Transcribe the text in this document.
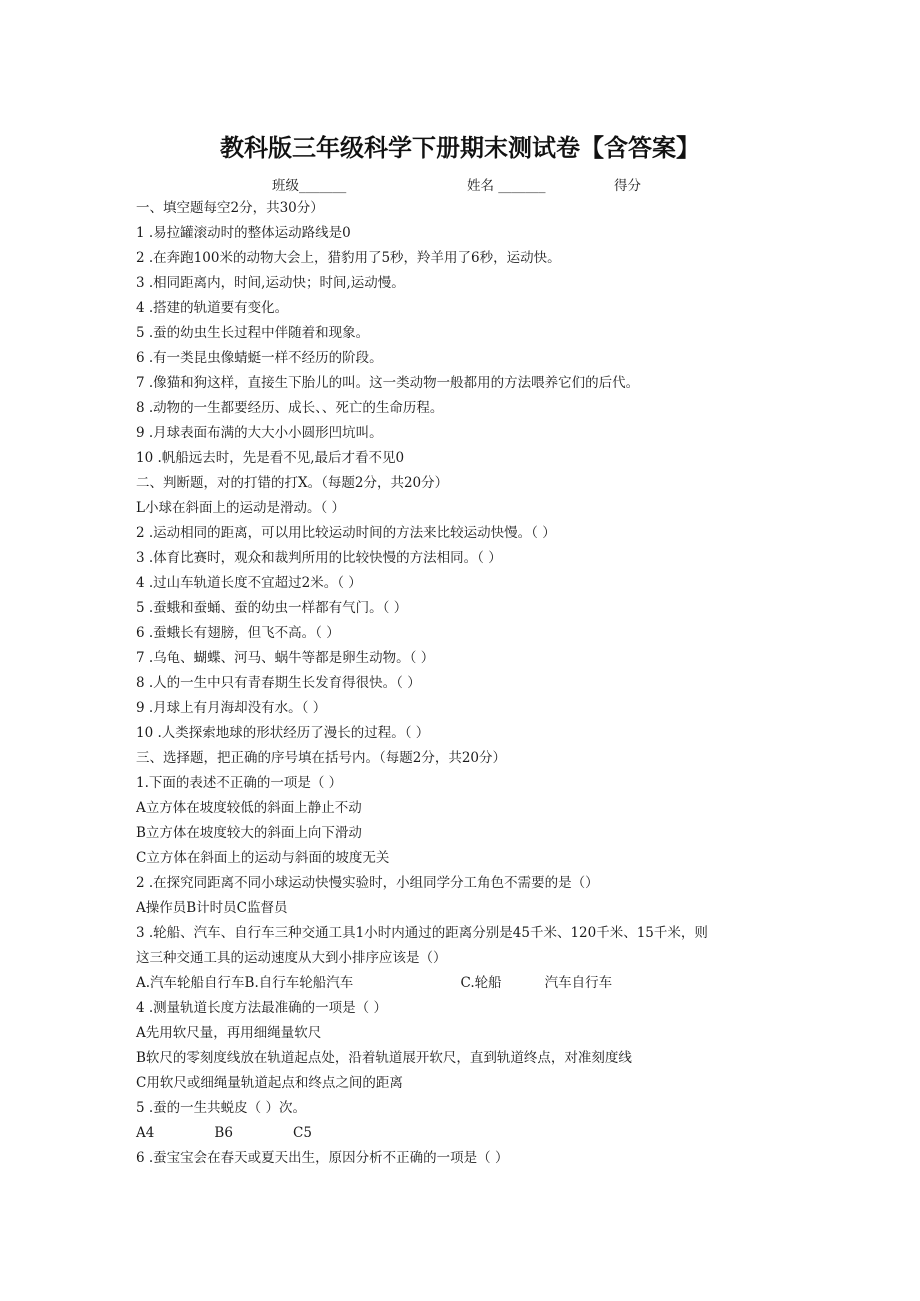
教科版三年级科学下册期末测试卷【含答案】
班级_______	姓名 _______	得分
一、填空题每空2分，共30分）
1 .易拉罐滚动时的整体运动路线是0
2 .在奔跑100米的动物大会上，猎豹用了5秒，羚羊用了6秒，运动快。
3 .相同距离内，时间,运动快；时间,运动慢。
4 .搭建的轨道要有变化。
5 .蚕的幼虫生长过程中伴随着和现象。
6 .有一类昆虫像蜻蜓一样不经历的阶段。
7 .像猫和狗这样，直接生下胎儿的叫。这一类动物一般都用的方法喂养它们的后代。
8 .动物的一生都要经历、成长、、死亡的生命历程。
9 .月球表面布满的大大小小圆形凹坑叫。
10 .帆船远去时，先是看不见,最后才看不见0
二、判断题，对的打错的打X。（每题2分，共20分）
L小球在斜面上的运动是滑动。（ ）
2 .运动相同的距离，可以用比较运动时间的方法来比较运动快慢。（ ）
3 .体育比赛时，观众和裁判所用的比较快慢的方法相同。（ ）
4 .过山车轨道长度不宜超过2米。（ ）
5 .蚕蛾和蚕蛹、蚕的幼虫一样都有气门。（ ）
6 .蚕蛾长有翅膀，但飞不高。（ ）
7 .乌龟、蝴蝶、河马、蜗牛等都是卵生动物。（ ）
8 .人的一生中只有青春期生长发育得很快。（ ）
9 .月球上有月海却没有水。（ ）
10 .人类探索地球的形状经历了漫长的过程。（ ）
三、选择题，把正确的序号填在括号内。（每题2分，共20分）
1.下面的表述不正确的一项是（ ）
A立方体在坡度较低的斜面上静止不动
B立方体在坡度较大的斜面上向下滑动
C立方体在斜面上的运动与斜面的坡度无关
2 .在探究同距离不同小球运动快慢实验时，小组同学分工角色不需要的是（）
A操作员B计时员C监督员
3 .轮船、汽车、自行车三种交通工具1小时内通过的距离分别是45千米、120千米、15千米，则
这三种交通工具的运动速度从大到小排序应该是（）
A.汽车轮船自行车B.自行车轮船汽车                         C.轮船          汽车自行车
4 .测量轨道长度方法最准确的一项是（ ）
A先用软尺量，再用细绳量软尺
B软尺的零刻度线放在轨道起点处，沿着轨道展开软尺，直到轨道终点，对准刻度线
C用软尺或细绳量轨道起点和终点之间的距离
5 .蚕的一生共蜕皮（ ）次。
A4              B6              C5
6 .蚕宝宝会在春天或夏天出生，原因分析不正确的一项是（ ）
